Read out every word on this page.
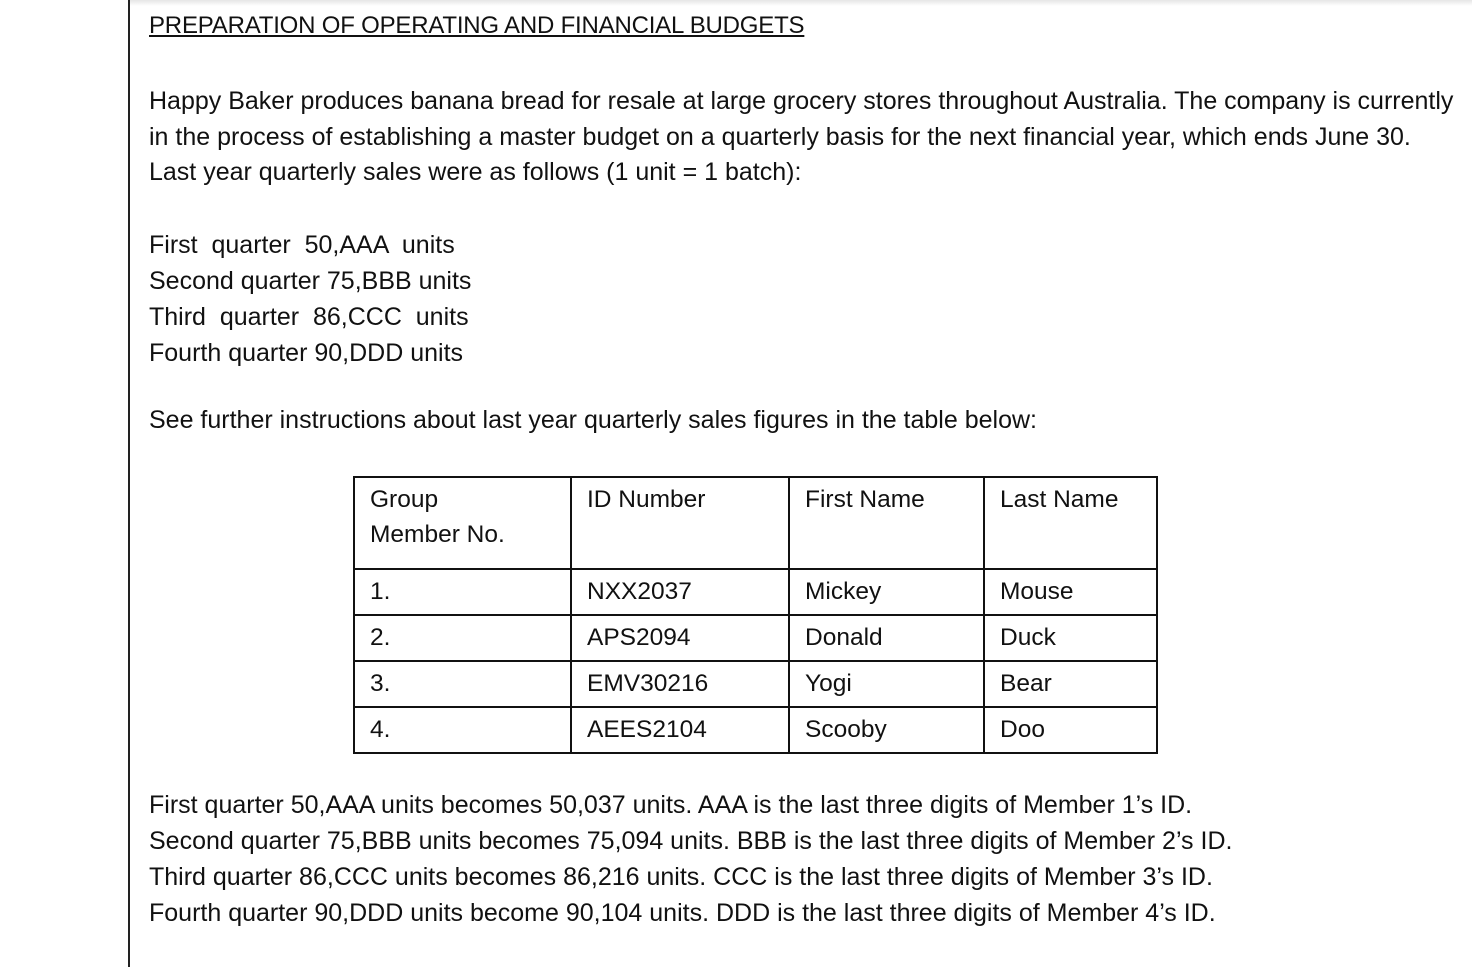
PREPARATION OF OPERATING AND FINANCIAL BUDGETS
Happy Baker produces banana bread for resale at large grocery stores throughout Australia. The company is currently in the process of establishing a master budget on a quarterly basis for the next financial year, which ends June 30. Last year quarterly sales were as follows (1 unit = 1 batch):
First  quarter  50,AAA  units
Second quarter 75,BBB units
Third  quarter  86,CCC  units
Fourth quarter 90,DDD units
See further instructions about last year quarterly sales figures in the table below:
Group
Member No.	ID Number	First Name	Last Name
1.	NXX2037	Mickey	Mouse
2.	APS2094	Donald	Duck
3.	EMV30216	Yogi	Bear
4.	AEES2104	Scooby	Doo
First quarter 50,AAA units becomes 50,037 units. AAA is the last three digits of Member 1’s ID.
Second quarter 75,BBB units becomes 75,094 units. BBB is the last three digits of Member 2’s ID.
Third quarter 86,CCC units becomes 86,216 units. CCC is the last three digits of Member 3’s ID.
Fourth quarter 90,DDD units become 90,104 units. DDD is the last three digits of Member 4’s ID.
